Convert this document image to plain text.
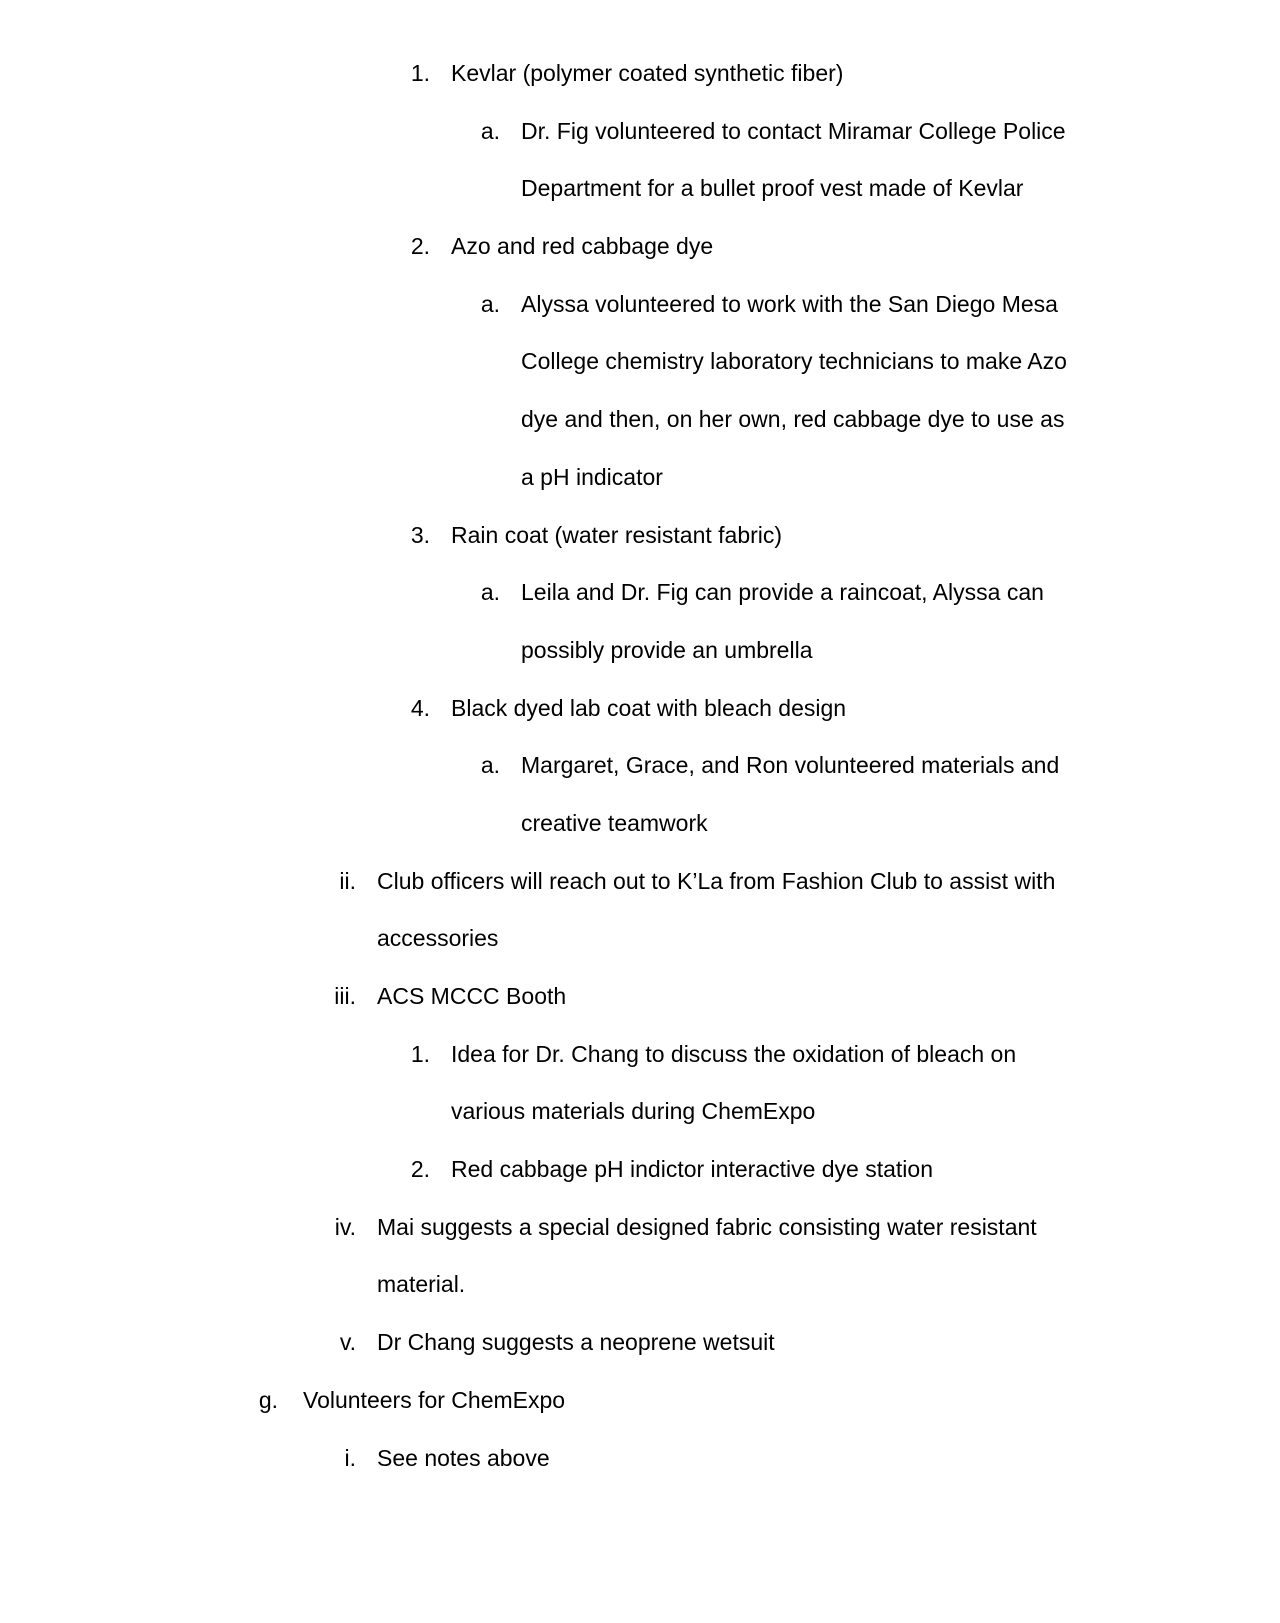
1. Kevlar (polymer coated synthetic fiber)
a. Dr. Fig volunteered to contact Miramar College Police
Department for a bullet proof vest made of Kevlar
2. Azo and red cabbage dye
a. Alyssa volunteered to work with the San Diego Mesa
College chemistry laboratory technicians to make Azo
dye and then, on her own, red cabbage dye to use as
a pH indicator
3. Rain coat (water resistant fabric)
a. Leila and Dr. Fig can provide a raincoat, Alyssa can
possibly provide an umbrella
4. Black dyed lab coat with bleach design
a. Margaret, Grace, and Ron volunteered materials and
creative teamwork
ii. Club officers will reach out to K’La from Fashion Club to assist with
accessories
iii. ACS MCCC Booth
1. Idea for Dr. Chang to discuss the oxidation of bleach on
various materials during ChemExpo
2. Red cabbage pH indictor interactive dye station
iv. Mai suggests a special designed fabric consisting water resistant
material.
v. Dr Chang suggests a neoprene wetsuit
g. Volunteers for ChemExpo
i. See notes above
